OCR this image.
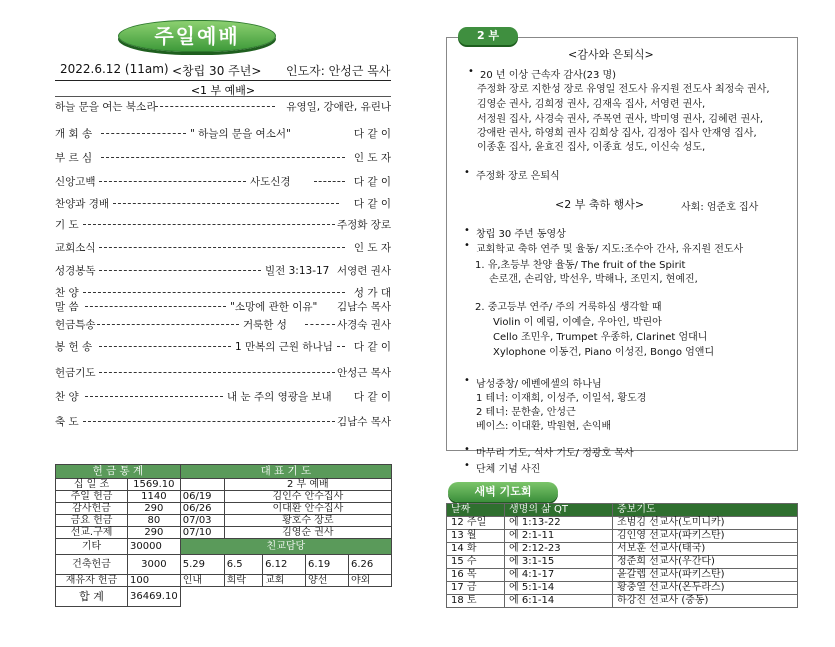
주일예배
2022.6.12 (11am) <창립 30 주년> 인도자: 안성근 목사
<1 부 예배>
하늘 문을 여는 북소리	유영일, 강애란, 유린나
개 회 송	" 하늘의 문을 여소서"	다 같 이
부 르 심	인 도 자
신앙고백	사도신경	다 같 이
찬양과 경배	다 같 이
기 도	주정화 장로
교회소식	인 도 자
성경봉독	빌전 3:13-17 서영련 권사
찬 양	성 가 대
말 씀	"소망에 관한 이유" 김남수 목사
헌금특송	거룩한 성	사경숙 권사
봉 헌 송	1 만복의 근원 하나님 다 같 이
헌금기도	안성근 목사
찬 양	내 눈 주의 영광을 보내 다 같 이
축 도	김남수 목사
헌 금 통 계		대 표 기 도				
십 일 조	1569.10		2 부 예배			
주일 헌금	1140	06/19	김인수 안수집사			
감사헌금	290	06/26	이대환 안수집사			
금요 헌금	80	07/03	황호수 장로			
선교.구제	290	07/10	김영순 권사			
기타	30000	친교담당				
건축헌금	3000	5.29	6.5	6.12	6.19	6.26
재유자 헌금	100	인내	희락	교회	양선	야외
합 계	36469.10					
2 부
<감사와 은퇴식>
• 20 년 이상 근속자 감사(23 명)
주정화 장로 지한성 장로 유영일 전도사 유지원 전도사 최정숙 권사,
김영순 권사, 김희정 권사, 김재옥 집사, 서영련 권사,
서정원 집사, 사경숙 권사, 주목연 권사, 박미영 권사, 김혜련 권사,
강애란 권사, 하영희 권사 김희상 집사, 김정아 집사 안재영 집사,
이종훈 집사, 윤효진 집사, 이종효 성도, 이신숙 성도,
• 주정화 장로 은퇴식
<2 부 축하 행사>	사회: 엄준호 집사
• 창립 30 주년 동영상
• 교회학교 축하 연주 및 율동/ 지도:조수아 간사, 유지원 전도사
1. 유,초등부 찬양 율동/ The fruit of the Spirit
손로갠, 손리암, 박선우, 박해나, 조민지, 현예진,
2. 중고등부 연주/ 주의 거룩하심 생각할 때
Violin 이 예림, 이예슬, 우아인, 박린아
Cello 조민우, Trumpet 우종하, Clarinet 엄대니
Xylophone 이동건, Piano 이성진, Bongo 엄앤디
• 남성중창/ 에벤에셀의 하나님
1 테너: 이재희, 이성주, 이일석, 황도경
2 테너: 문한솔, 안성근
베이스: 이대환, 박원현, 손익배
• 마무리 기도, 식사 기도/ 정광호 목사
• 단체 기념 사진
새벽 기도회
날짜	생명의 삶 QT	중보기도
12 주일	에 1:13-22	조범김 선교사(도미니카)
13 월	에 2:1-11	김인영 선교사(파키스탄)
14 화	에 2:12-23	서보훈 선교사(태국)
15 수	에 3:1-15	정준희 선교사(우간다)
16 목	에 4:1-17	윤갈렙 선교사(파키스탄)
17 금	에 5:1-14	황충열 선교사(온두라스)
18 토	에 6:1-14	하강진 선교사 (중동)
